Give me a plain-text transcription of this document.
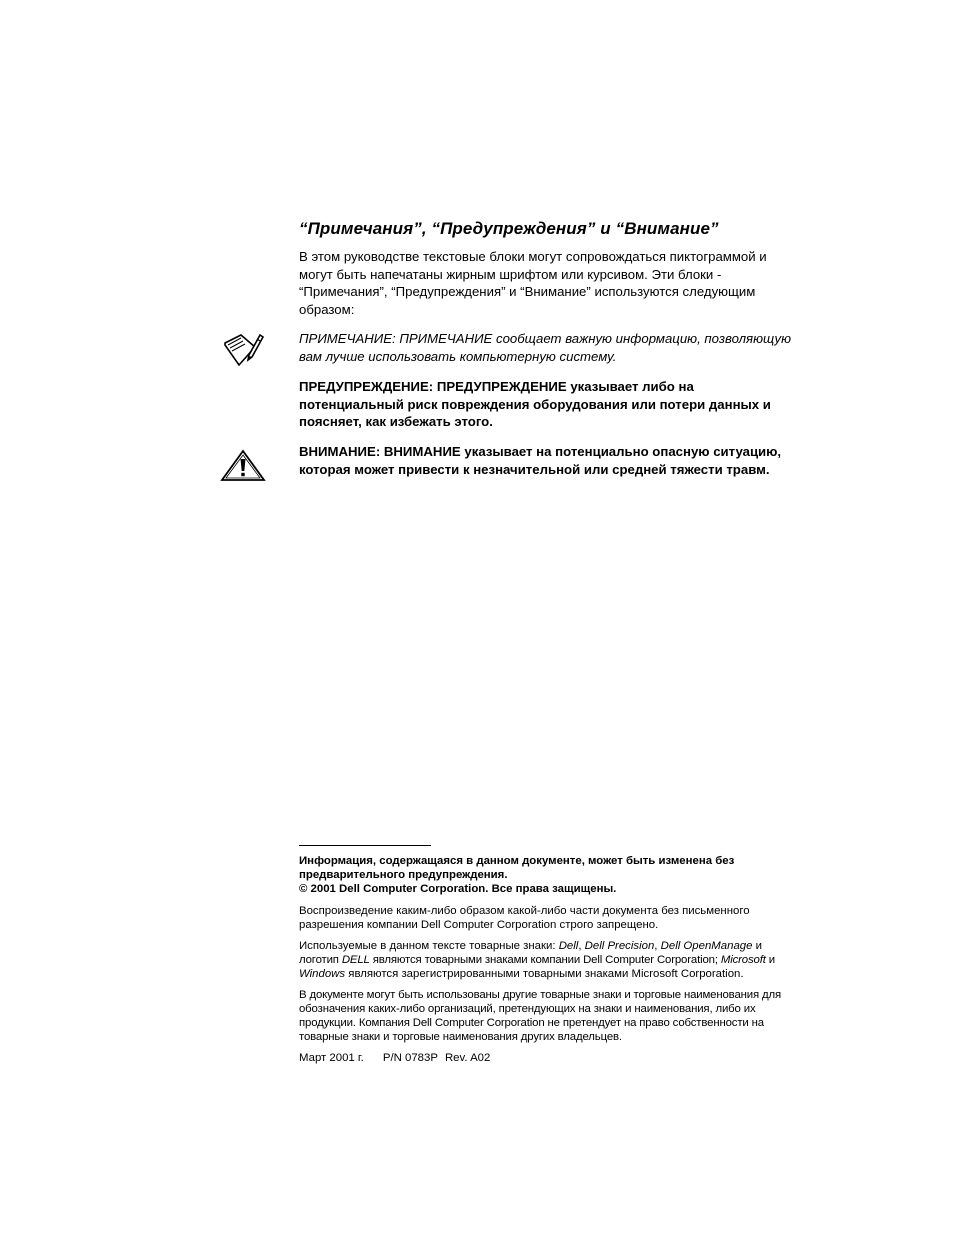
“Примечания”, “Предупреждения” и “Внимание”
В этом руководстве текстовые блоки могут сопровождаться пиктограммой и
могут быть напечатаны жирным шрифтом или курсивом. Эти блоки -
“Примечания”, “Предупреждения” и “Внимание” используются следующим
образом:
ПРИМЕЧАНИЕ: ПРИМЕЧАНИЕ сообщает важную информацию, позволяющую
вам лучше использовать компьютерную систему.
ПРЕДУПРЕЖДЕНИЕ: ПРЕДУПРЕЖДЕНИЕ указывает либо на
потенциальный риск повреждения оборудования или потери данных и
поясняет, как избежать этого.
ВНИМАНИЕ: ВНИМАНИЕ указывает на потенциально опасную ситуацию,
которая может привести к незначительной или средней тяжести травм.
Информация, содержащаяся в данном документе, может быть изменена без
предварительного предупреждения.
© 2001 Dell Computer Corporation. Все права защищены.
Воспроизведение каким-либо образом какой-либо части документа без письменного
разрешения компании Dell Computer Corporation строго запрещено.
Используемые в данном тексте товарные знаки: Dell, Dell Precision, Dell OpenManage и
логотип DELL являются товарными знаками компании Dell Computer Corporation; Microsoft и
Windows являются зарегистрированными товарными знаками Microsoft Corporation.
В документе могут быть использованы другие товарные знаки и торговые наименования для
обозначения каких-либо организаций, претендующих на знаки и наименования, либо их
продукции. Компания Dell Computer Corporation не претендует на право собственности на
товарные знаки и торговые наименования других владельцев.
Март 2001 г. P/N 0783P Rev. A02
